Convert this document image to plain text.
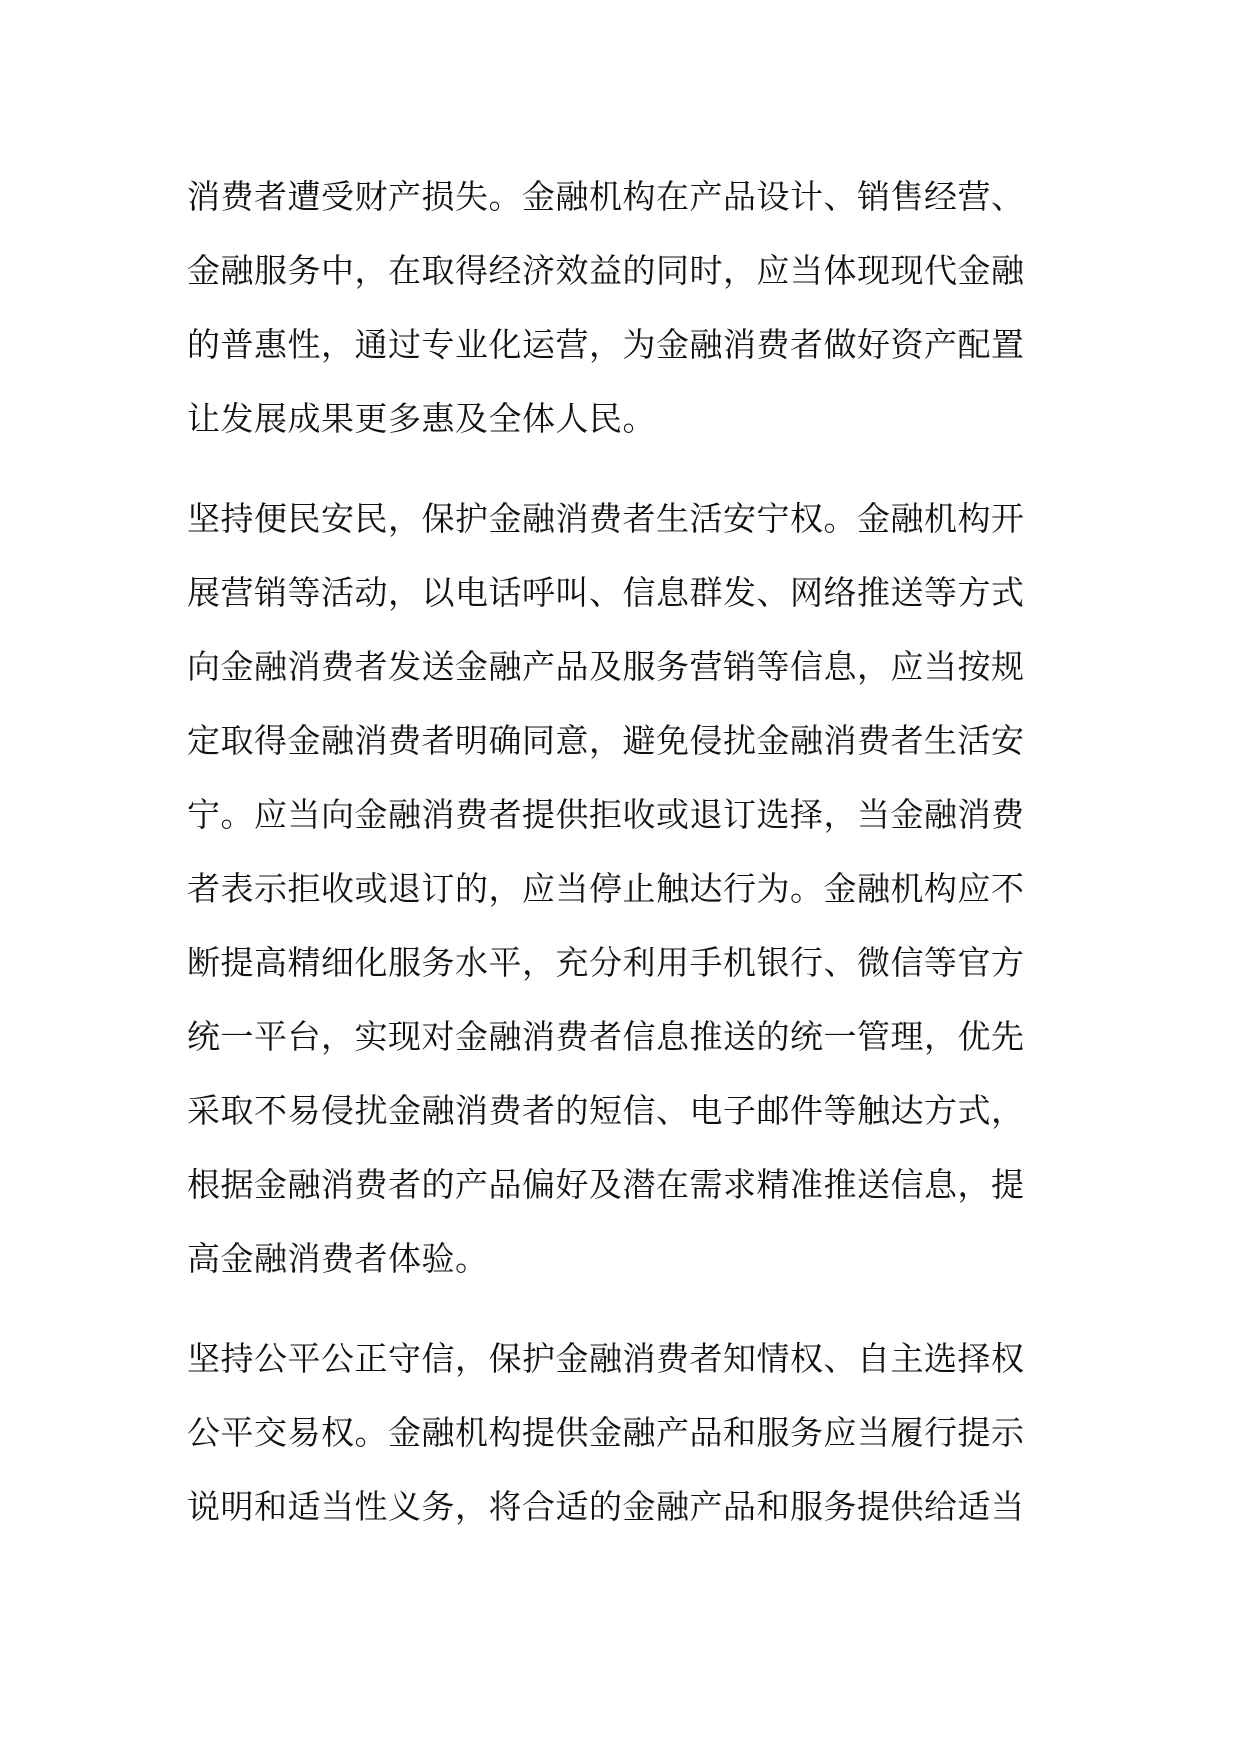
消费者遭受财产损失。金融机构在产品设计、销售经营、
金融服务中，在取得经济效益的同时，应当体现现代金融
的普惠性，通过专业化运营，为金融消费者做好资产配置
让发展成果更多惠及全体人民。

坚持便民安民，保护金融消费者生活安宁权。金融机构开
展营销等活动，以电话呼叫、信息群发、网络推送等方式
向金融消费者发送金融产品及服务营销等信息，应当按规
定取得金融消费者明确同意，避免侵扰金融消费者生活安
宁。应当向金融消费者提供拒收或退订选择，当金融消费
者表示拒收或退订的，应当停止触达行为。金融机构应不
断提高精细化服务水平，充分利用手机银行、微信等官方
统一平台，实现对金融消费者信息推送的统一管理，优先
采取不易侵扰金融消费者的短信、电子邮件等触达方式，
根据金融消费者的产品偏好及潜在需求精准推送信息，提
高金融消费者体验。

坚持公平公正守信，保护金融消费者知情权、自主选择权
公平交易权。金融机构提供金融产品和服务应当履行提示
说明和适当性义务，将合适的金融产品和服务提供给适当
